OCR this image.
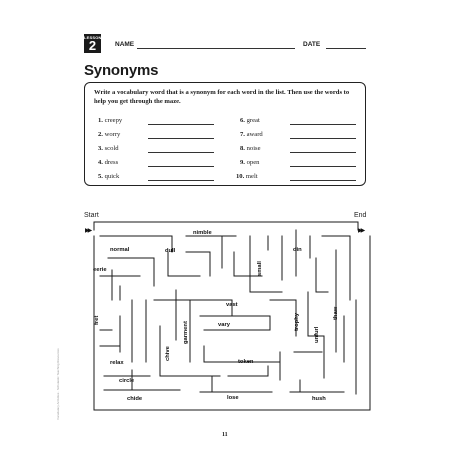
LESSON
2	NAME	DATE
Synonyms
Write a vocabulary word that is a synonym for each word in the list. Then use the words to help you get through the maze.
1. creepy
2. worry
3. scold
4. dress
5. quick
6. great
7. award
8. noise
9. open
10. melt
Start	End
▶▶	▶▶
nimble
normal	dull	din
eerie	small
fret
garment
vast
trophy
unfurl
thaw
vary
chive
relax	token
circle
chide	lose	hush
11
Vocabulary Activities · Scholastic Teaching Resources
